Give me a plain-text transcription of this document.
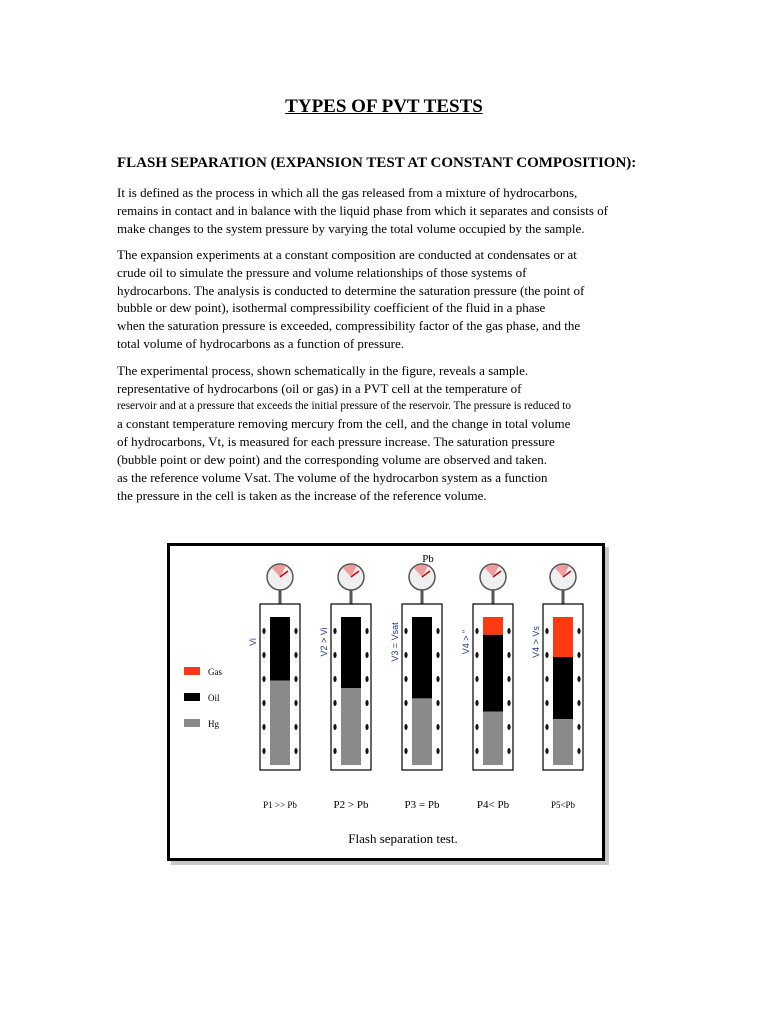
TYPES OF PVT TESTS
FLASH SEPARATION (EXPANSION TEST AT CONSTANT COMPOSITION):
It is defined as the process in which all the gas released from a mixture of hydrocarbons,
remains in contact and in balance with the liquid phase from which it separates and consists of
make changes to the system pressure by varying the total volume occupied by the sample.
The expansion experiments at a constant composition are conducted at condensates or at
crude oil to simulate the pressure and volume relationships of those systems of
hydrocarbons. The analysis is conducted to determine the saturation pressure (the point of
bubble or dew point), isothermal compressibility coefficient of the fluid in a phase
when the saturation pressure is exceeded, compressibility factor of the gas phase, and the
total volume of hydrocarbons as a function of pressure.
The experimental process, shown schematically in the figure, reveals a sample.
representative of hydrocarbons (oil or gas) in a PVT cell at the temperature of
reservoir and at a pressure that exceeds the initial pressure of the reservoir. The pressure is reduced to
a constant temperature removing mercury from the cell, and the change in total volume
of hydrocarbons, Vt, is measured for each pressure increase. The saturation pressure
(bubble point or dew point) and the corresponding volume are observed and taken.
as the reference volume Vsat. The volume of the hydrocarbon system as a function
the pressure in the cell is taken as the increase of the reference volume.
Pb
Gas
Oil
Hg
Vi
P1 >> Pb
V2 > Vi
P2 > Pb
V3 = Vsat
P3 = Pb
V4 > "
P4< Pb
V4 > Vs
P5<Pb
Flash separation test.
